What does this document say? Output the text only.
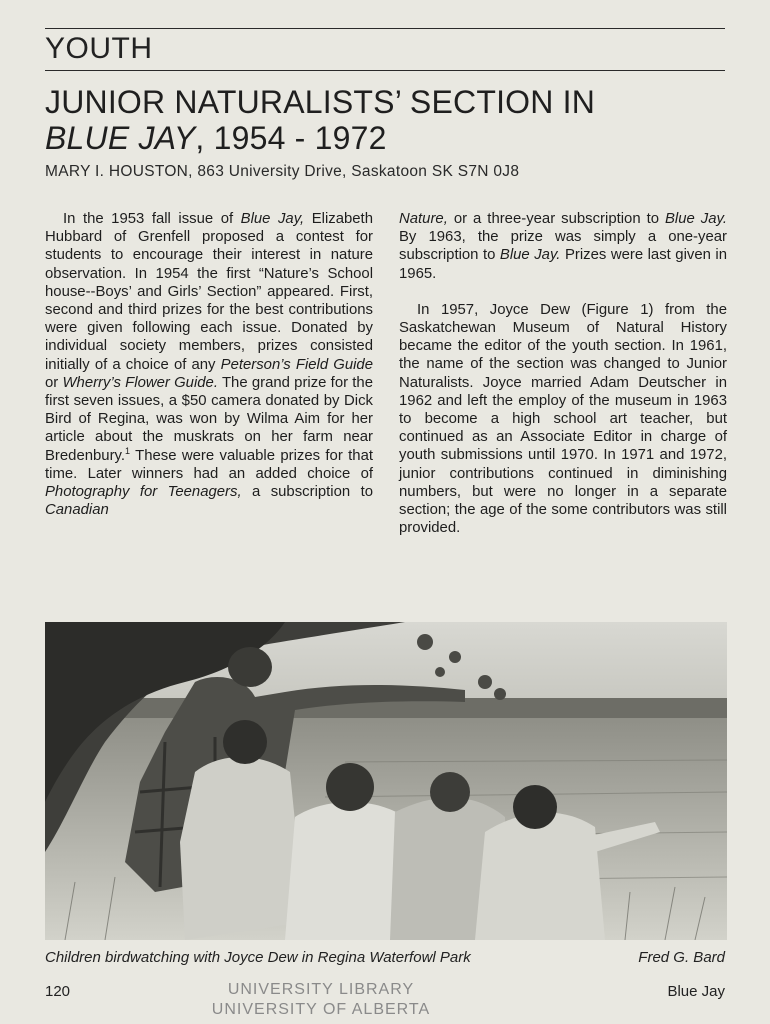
YOUTH
JUNIOR NATURALISTS’ SECTION IN
BLUE JAY, 1954 - 1972
MARY I. HOUSTON, 863 University Drive, Saskatoon SK S7N 0J8

In the 1953 fall issue of Blue Jay, Elizabeth Hubbard of Grenfell proposed a contest for students to encourage their interest in nature observation. In 1954 the first “Nature’s School house--Boys’ and Girls’ Section” appeared. First, second and third prizes for the best contributions were given following each issue. Donated by individual society members, prizes consisted initially of a choice of any Peterson’s Field Guide or Wherry’s Flower Guide. The grand prize for the first seven issues, a $50 camera donated by Dick Bird of Regina, was won by Wilma Aim for her article about the muskrats on her farm near Bredenbury.$^1$ These were valuable prizes for that time. Later winners had an added choice of Photography for Teenagers, a subscription to Canadian

Nature, or a three-year subscription to Blue Jay. By 1963, the prize was simply a one-year subscription to Blue Jay. Prizes were last given in 1965.

In 1957, Joyce Dew (Figure 1) from the Saskatchewan Museum of Natural History became the editor of the youth section. In 1961, the name of the section was changed to Junior Naturalists. Joyce married Adam Deutscher in 1962 and left the employ of the museum in 1963 to become a high school art teacher, but continued as an Associate Editor in charge of youth submissions until 1970. In 1971 and 1972, junior contributions continued in diminishing numbers, but were no longer in a separate section; the age of the some contributors was still provided.

Children birdwatching with Joyce Dew in Regina Waterfowl Park	Fred G. Bard
120	UNIVERSITY LIBRARY
UNIVERSITY OF ALBERTA
Blue Jay
